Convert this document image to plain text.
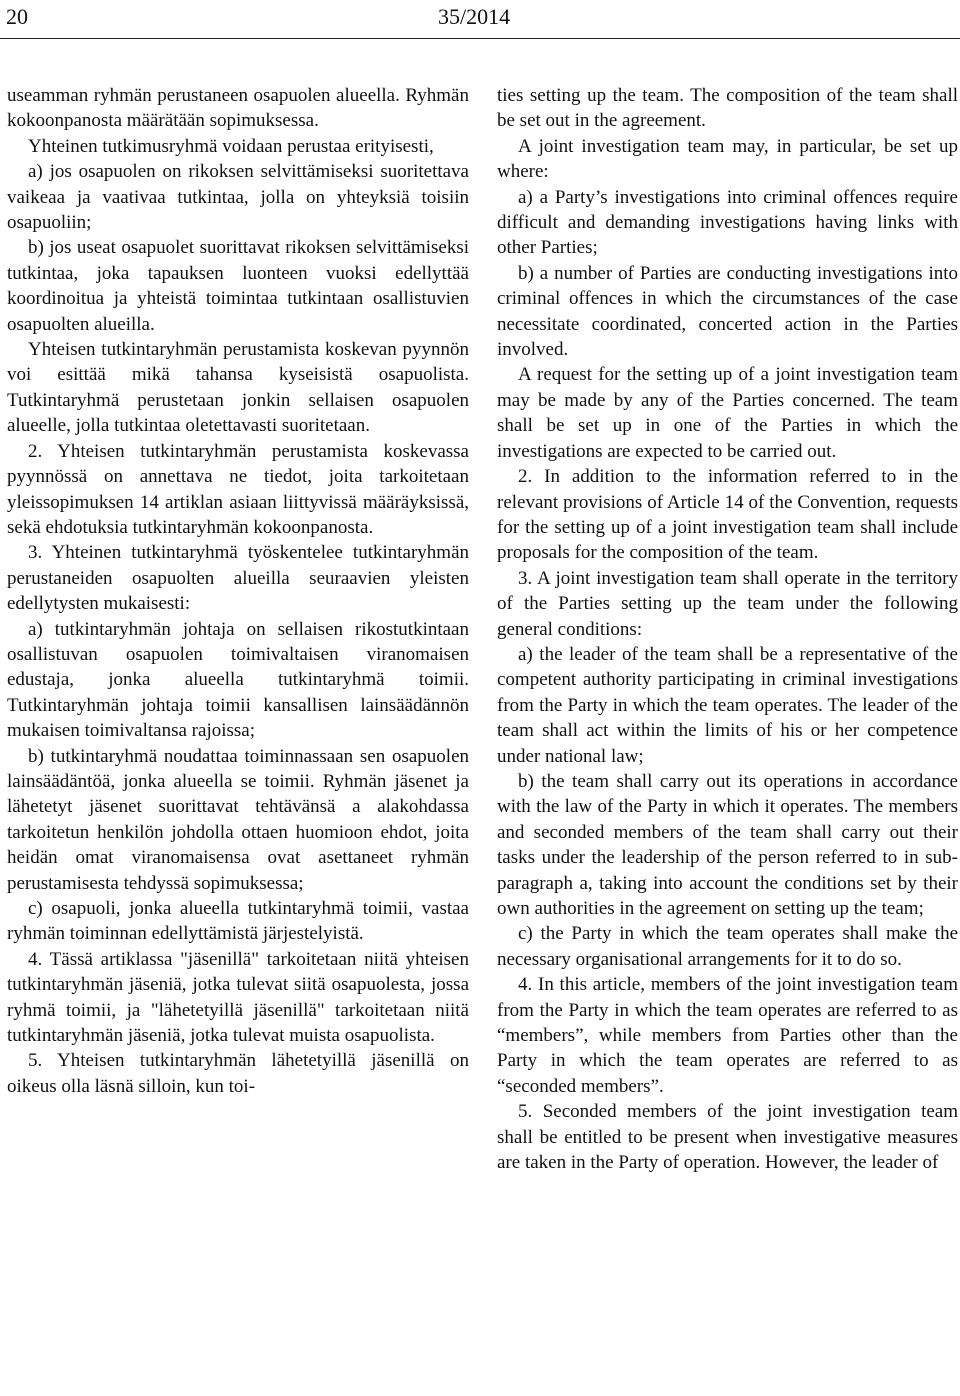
20	35/2014

useamman ryhmän perustaneen osapuolen alueella. Ryhmän kokoonpanosta määrätään sopimuksessa.

Yhteinen tutkimusryhmä voidaan perustaa erityisesti,

a) jos osapuolen on rikoksen selvittämiseksi suoritettava vaikeaa ja vaativaa tutkintaa, jolla on yhteyksiä toisiin osapuoliin;

b) jos useat osapuolet suorittavat rikoksen selvittämiseksi tutkintaa, joka tapauksen luonteen vuoksi edellyttää koordinoitua ja yhteistä toimintaa tutkintaan osallistuvien osapuolten alueilla.

Yhteisen tutkintaryhmän perustamista koskevan pyynnön voi esittää mikä tahansa kyseisistä osapuolista. Tutkintaryhmä perustetaan jonkin sellaisen osapuolen alueelle, jolla tutkintaa oletettavasti suoritetaan.

2. Yhteisen tutkintaryhmän perustamista koskevassa pyynnössä on annettava ne tiedot, joita tarkoitetaan yleissopimuksen 14 artiklan asiaan liittyvissä määräyksissä, sekä ehdotuksia tutkintaryhmän kokoonpanosta.

3. Yhteinen tutkintaryhmä työskentelee tutkintaryhmän perustaneiden osapuolten alueilla seuraavien yleisten edellytysten mukaisesti:

a) tutkintaryhmän johtaja on sellaisen rikostutkintaan osallistuvan osapuolen toimivaltaisen viranomaisen edustaja, jonka alueella tutkintaryhmä toimii. Tutkintaryhmän johtaja toimii kansallisen lainsäädännön mukaisen toimivaltansa rajoissa;

b) tutkintaryhmä noudattaa toiminnassaan sen osapuolen lainsäädäntöä, jonka alueella se toimii. Ryhmän jäsenet ja lähetetyt jäsenet suorittavat tehtävänsä a alakohdassa tarkoitetun henkilön johdolla ottaen huomioon ehdot, joita heidän omat viranomaisensa ovat asettaneet ryhmän perustamisesta tehdyssä sopimuksessa;

c) osapuoli, jonka alueella tutkintaryhmä toimii, vastaa ryhmän toiminnan edellyttämistä järjestelyistä.

4. Tässä artiklassa "jäsenillä" tarkoitetaan niitä yhteisen tutkintaryhmän jäseniä, jotka tulevat siitä osapuolesta, jossa ryhmä toimii, ja "lähetetyillä jäsenillä" tarkoitetaan niitä tutkintaryhmän jäseniä, jotka tulevat muista osapuolista.

5. Yhteisen tutkintaryhmän lähetetyillä jäsenillä on oikeus olla läsnä silloin, kun toi-

ties setting up the team. The composition of the team shall be set out in the agreement.

A joint investigation team may, in particular, be set up where:

a) a Party’s investigations into criminal offences require difficult and demanding investigations having links with other Parties;

b) a number of Parties are conducting investigations into criminal offences in which the circumstances of the case necessitate coordinated, concerted action in the Parties involved.

A request for the setting up of a joint investigation team may be made by any of the Parties concerned. The team shall be set up in one of the Parties in which the investigations are expected to be carried out.

2. In addition to the information referred to in the relevant provisions of Article 14 of the Convention, requests for the setting up of a joint investigation team shall include proposals for the composition of the team.

3. A joint investigation team shall operate in the territory of the Parties setting up the team under the following general conditions:

a) the leader of the team shall be a representative of the competent authority participating in criminal investigations from the Party in which the team operates. The leader of the team shall act within the limits of his or her competence under national law;

b) the team shall carry out its operations in accordance with the law of the Party in which it operates. The members and seconded members of the team shall carry out their tasks under the leadership of the person referred to in sub-paragraph a, taking into account the conditions set by their own authorities in the agreement on setting up the team;

c) the Party in which the team operates shall make the necessary organisational arrangements for it to do so.

4. In this article, members of the joint investigation team from the Party in which the team operates are referred to as “members”, while members from Parties other than the Party in which the team operates are referred to as “seconded members”.

5. Seconded members of the joint investigation team shall be entitled to be present when investigative measures are taken in the Party of operation. However, the leader of
